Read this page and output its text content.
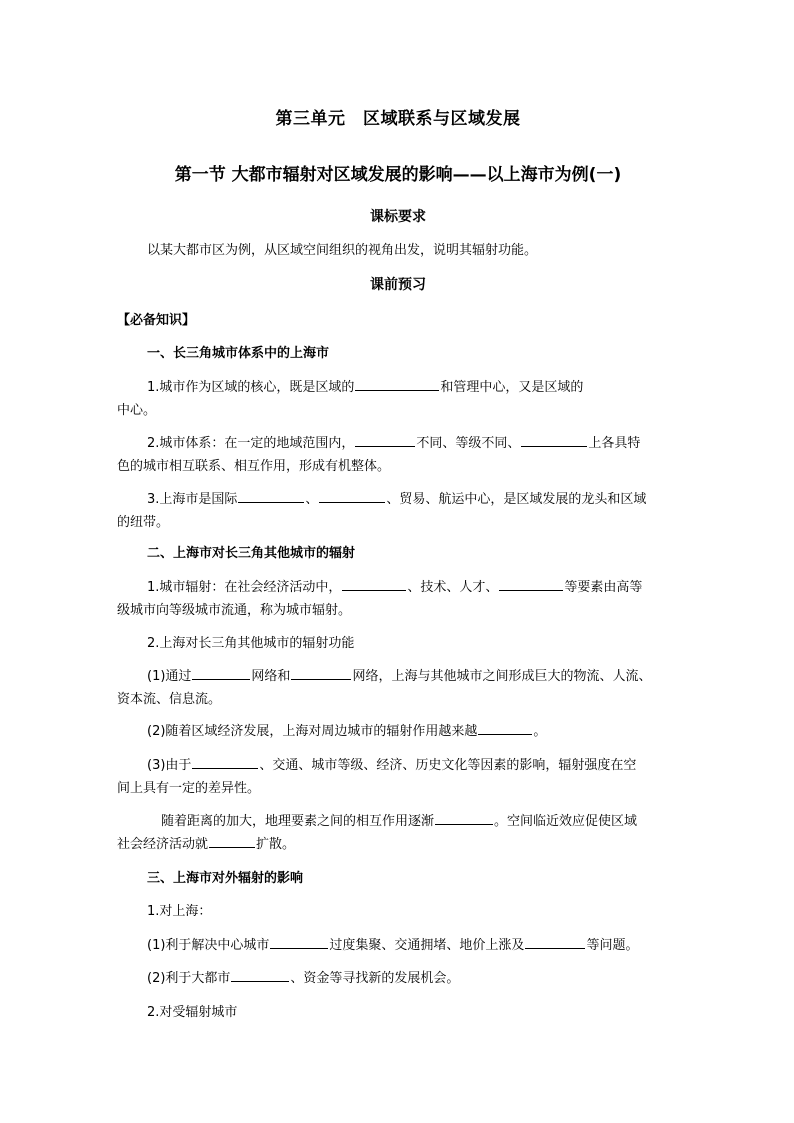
第三单元　区域联系与区域发展
第一节 大都市辐射对区域发展的影响——以上海市为例(一)
课标要求
以某大都市区为例，从区域空间组织的视角出发，说明其辐射功能。
课前预习
【必备知识】
一、长三角城市体系中的上海市
1.城市作为区域的核心，既是区域的	和管理中心，又是区域的
中心。
2.城市体系：在一定的地域范围内，	不同、等级不同、	上各具特
色的城市相互联系、相互作用，形成有机整体。
3.上海市是国际	、	、贸易、航运中心，是区域发展的龙头和区域
的纽带。
二、上海市对长三角其他城市的辐射
1.城市辐射：在社会经济活动中，	、技术、人才、	等要素由高等
级城市向等级城市流通，称为城市辐射。
2.上海对长三角其他城市的辐射功能
(1)通过	网络和	网络，上海与其他城市之间形成巨大的物流、人流、
资本流、信息流。
(2)随着区域经济发展，上海对周边城市的辐射作用越来越	。
(3)由于	、交通、城市等级、经济、历史文化等因素的影响，辐射强度在空
间上具有一定的差异性。
随着距离的加大，地理要素之间的相互作用逐渐	。空间临近效应促使区域
社会经济活动就	扩散。
三、上海市对外辐射的影响
1.对上海：
(1)利于解决中心城市	过度集聚、交通拥堵、地价上涨及	等问题。
(2)利于大都市	、资金等寻找新的发展机会。
2.对受辐射城市
